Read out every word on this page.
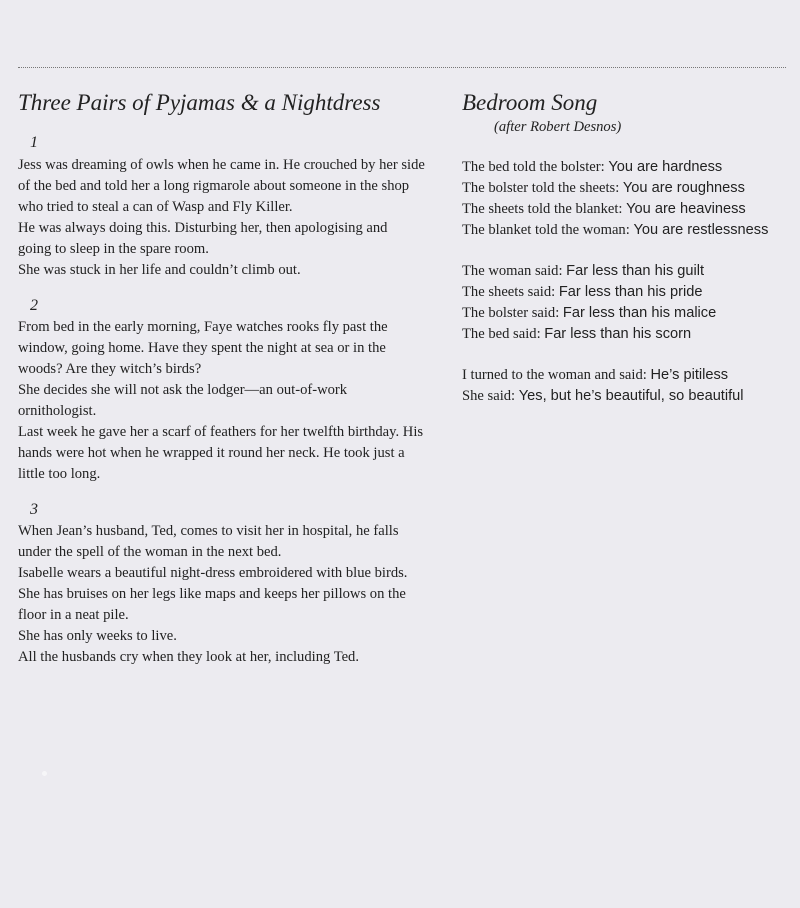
Three Pairs of Pyjamas & a Nightdress
1

Jess was dreaming of owls when he came in. He crouched by her side
of the bed and told her a long rigmarole about someone in the shop
who tried to steal a can of Wasp and Fly Killer.
He was always doing this. Disturbing her, then apologising and
going to sleep in the spare room.
She was stuck in her life and couldn’t climb out.

2

From bed in the early morning, Faye watches rooks fly past the
window, going home. Have they spent the night at sea or in the
woods? Are they witch’s birds?
She decides she will not ask the lodger—an out-of-work
ornithologist.
Last week he gave her a scarf of feathers for her twelfth birthday. His
hands were hot when he wrapped it round her neck. He took just a
little too long.

3

When Jean’s husband, Ted, comes to visit her in hospital, he falls
under the spell of the woman in the next bed.
Isabelle wears a beautiful night-dress embroidered with blue birds.
She has bruises on her legs like maps and keeps her pillows on the
floor in a neat pile.
She has only weeks to live.
All the husbands cry when they look at her, including Ted.

Bedroom Song
(after Robert Desnos)
The bed told the bolster: You are hardness
The bolster told the sheets: You are roughness
The sheets told the blanket: You are heaviness
The blanket told the woman: You are restlessness
The woman said: Far less than his guilt
The sheets said: Far less than his pride
The bolster said: Far less than his malice
The bed said: Far less than his scorn
I turned to the woman and said: He’s pitiless
She said: Yes, but he’s beautiful, so beautiful
